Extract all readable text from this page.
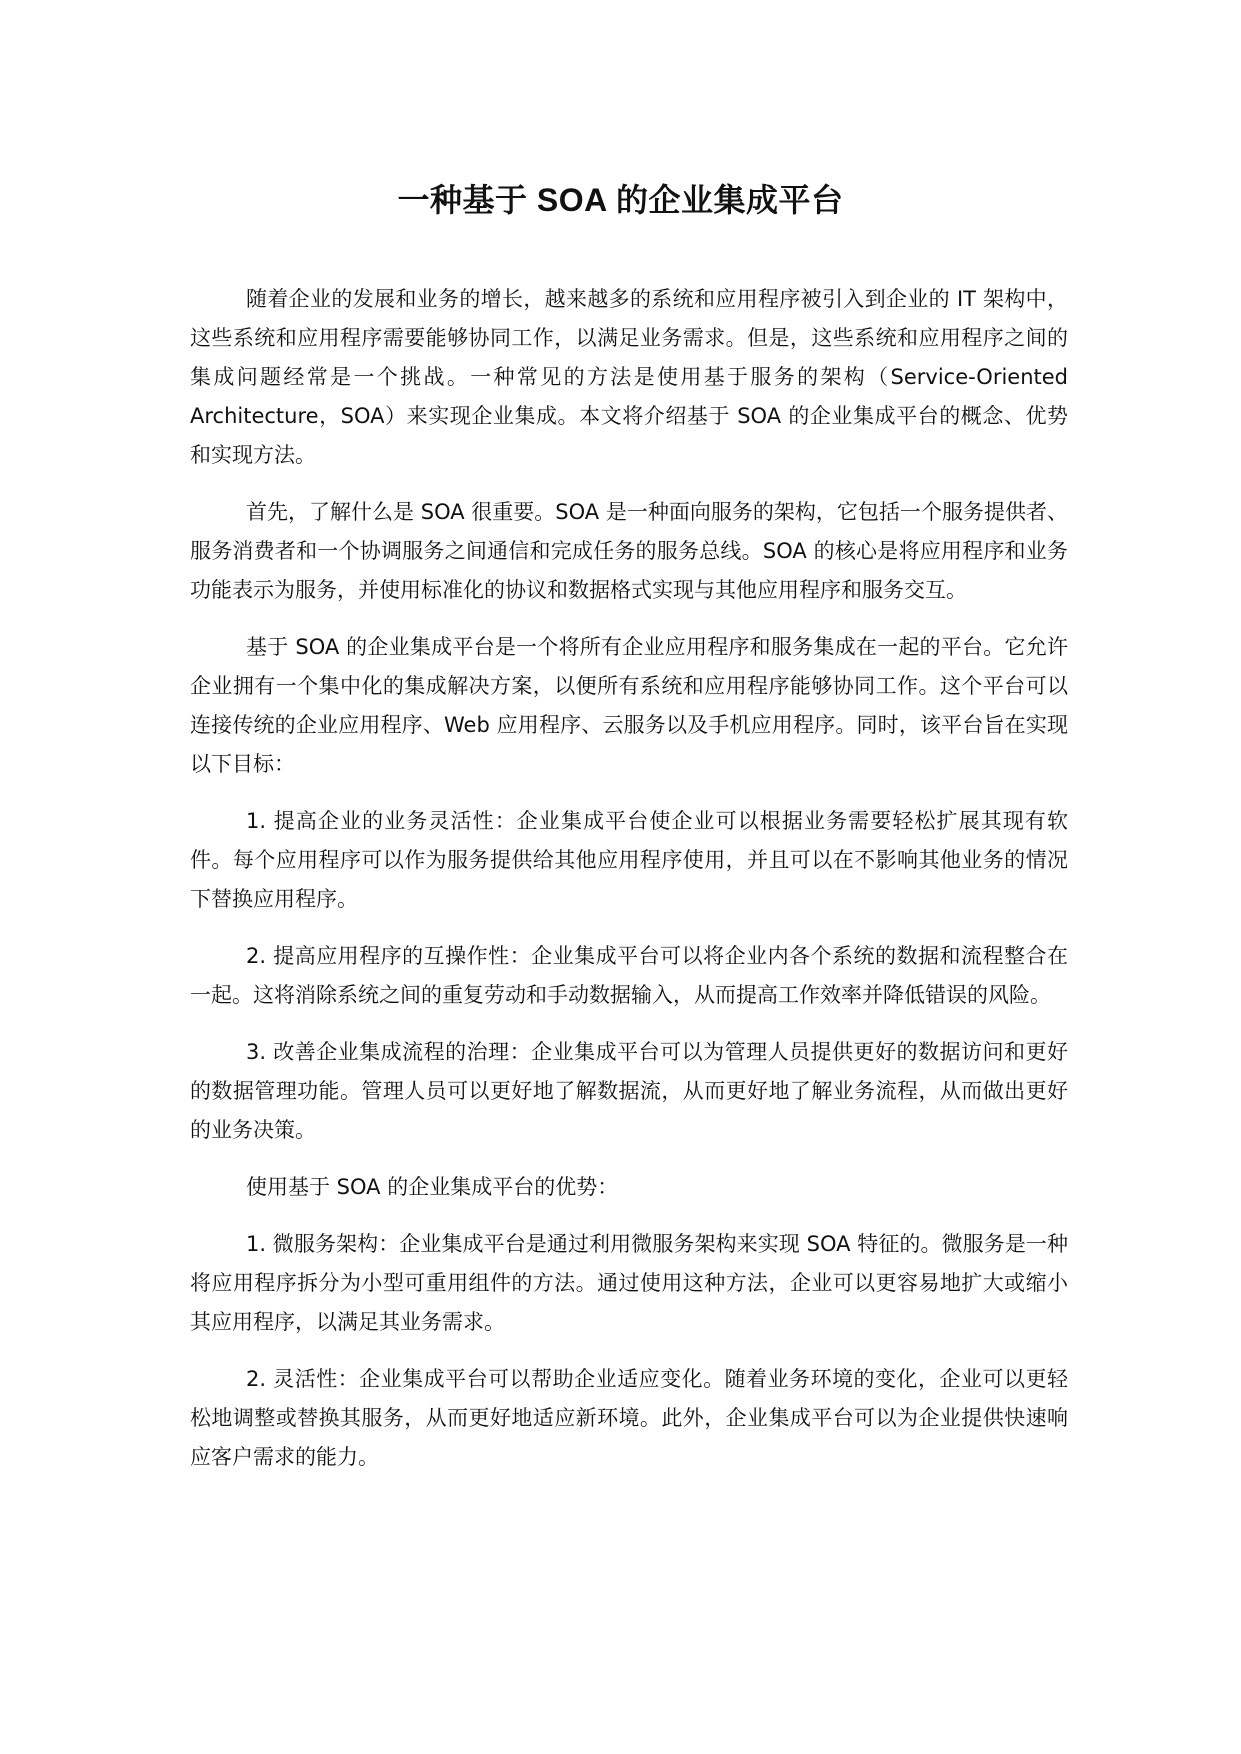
一种基于 SOA 的企业集成平台

随着企业的发展和业务的增长，越来越多的系统和应用程序被引入到企业的 IT 架构中，这些系统和应用程序需要能够协同工作，以满足业务需求。但是，这些系统和应用程序之间的集成问题经常是一个挑战。一种常见的方法是使用基于服务的架构（Service-Oriented Architecture，SOA）来实现企业集成。本文将介绍基于 SOA 的企业集成平台的概念、优势和实现方法。

首先，了解什么是 SOA 很重要。SOA 是一种面向服务的架构，它包括一个服务提供者、服务消费者和一个协调服务之间通信和完成任务的服务总线。SOA 的核心是将应用程序和业务功能表示为服务，并使用标准化的协议和数据格式实现与其他应用程序和服务交互。

基于 SOA 的企业集成平台是一个将所有企业应用程序和服务集成在一起的平台。它允许企业拥有一个集中化的集成解决方案，以便所有系统和应用程序能够协同工作。这个平台可以连接传统的企业应用程序、Web 应用程序、云服务以及手机应用程序。同时，该平台旨在实现以下目标：

1. 提高企业的业务灵活性：企业集成平台使企业可以根据业务需要轻松扩展其现有软件。每个应用程序可以作为服务提供给其他应用程序使用，并且可以在不影响其他业务的情况下替换应用程序。

2. 提高应用程序的互操作性：企业集成平台可以将企业内各个系统的数据和流程整合在一起。这将消除系统之间的重复劳动和手动数据输入，从而提高工作效率并降低错误的风险。

3. 改善企业集成流程的治理：企业集成平台可以为管理人员提供更好的数据访问和更好的数据管理功能。管理人员可以更好地了解数据流，从而更好地了解业务流程，从而做出更好的业务决策。

使用基于 SOA 的企业集成平台的优势：

1. 微服务架构：企业集成平台是通过利用微服务架构来实现 SOA 特征的。微服务是一种将应用程序拆分为小型可重用组件的方法。通过使用这种方法，企业可以更容易地扩大或缩小其应用程序，以满足其业务需求。

2. 灵活性：企业集成平台可以帮助企业适应变化。随着业务环境的变化，企业可以更轻松地调整或替换其服务，从而更好地适应新环境。此外，企业集成平台可以为企业提供快速响应客户需求的能力。
